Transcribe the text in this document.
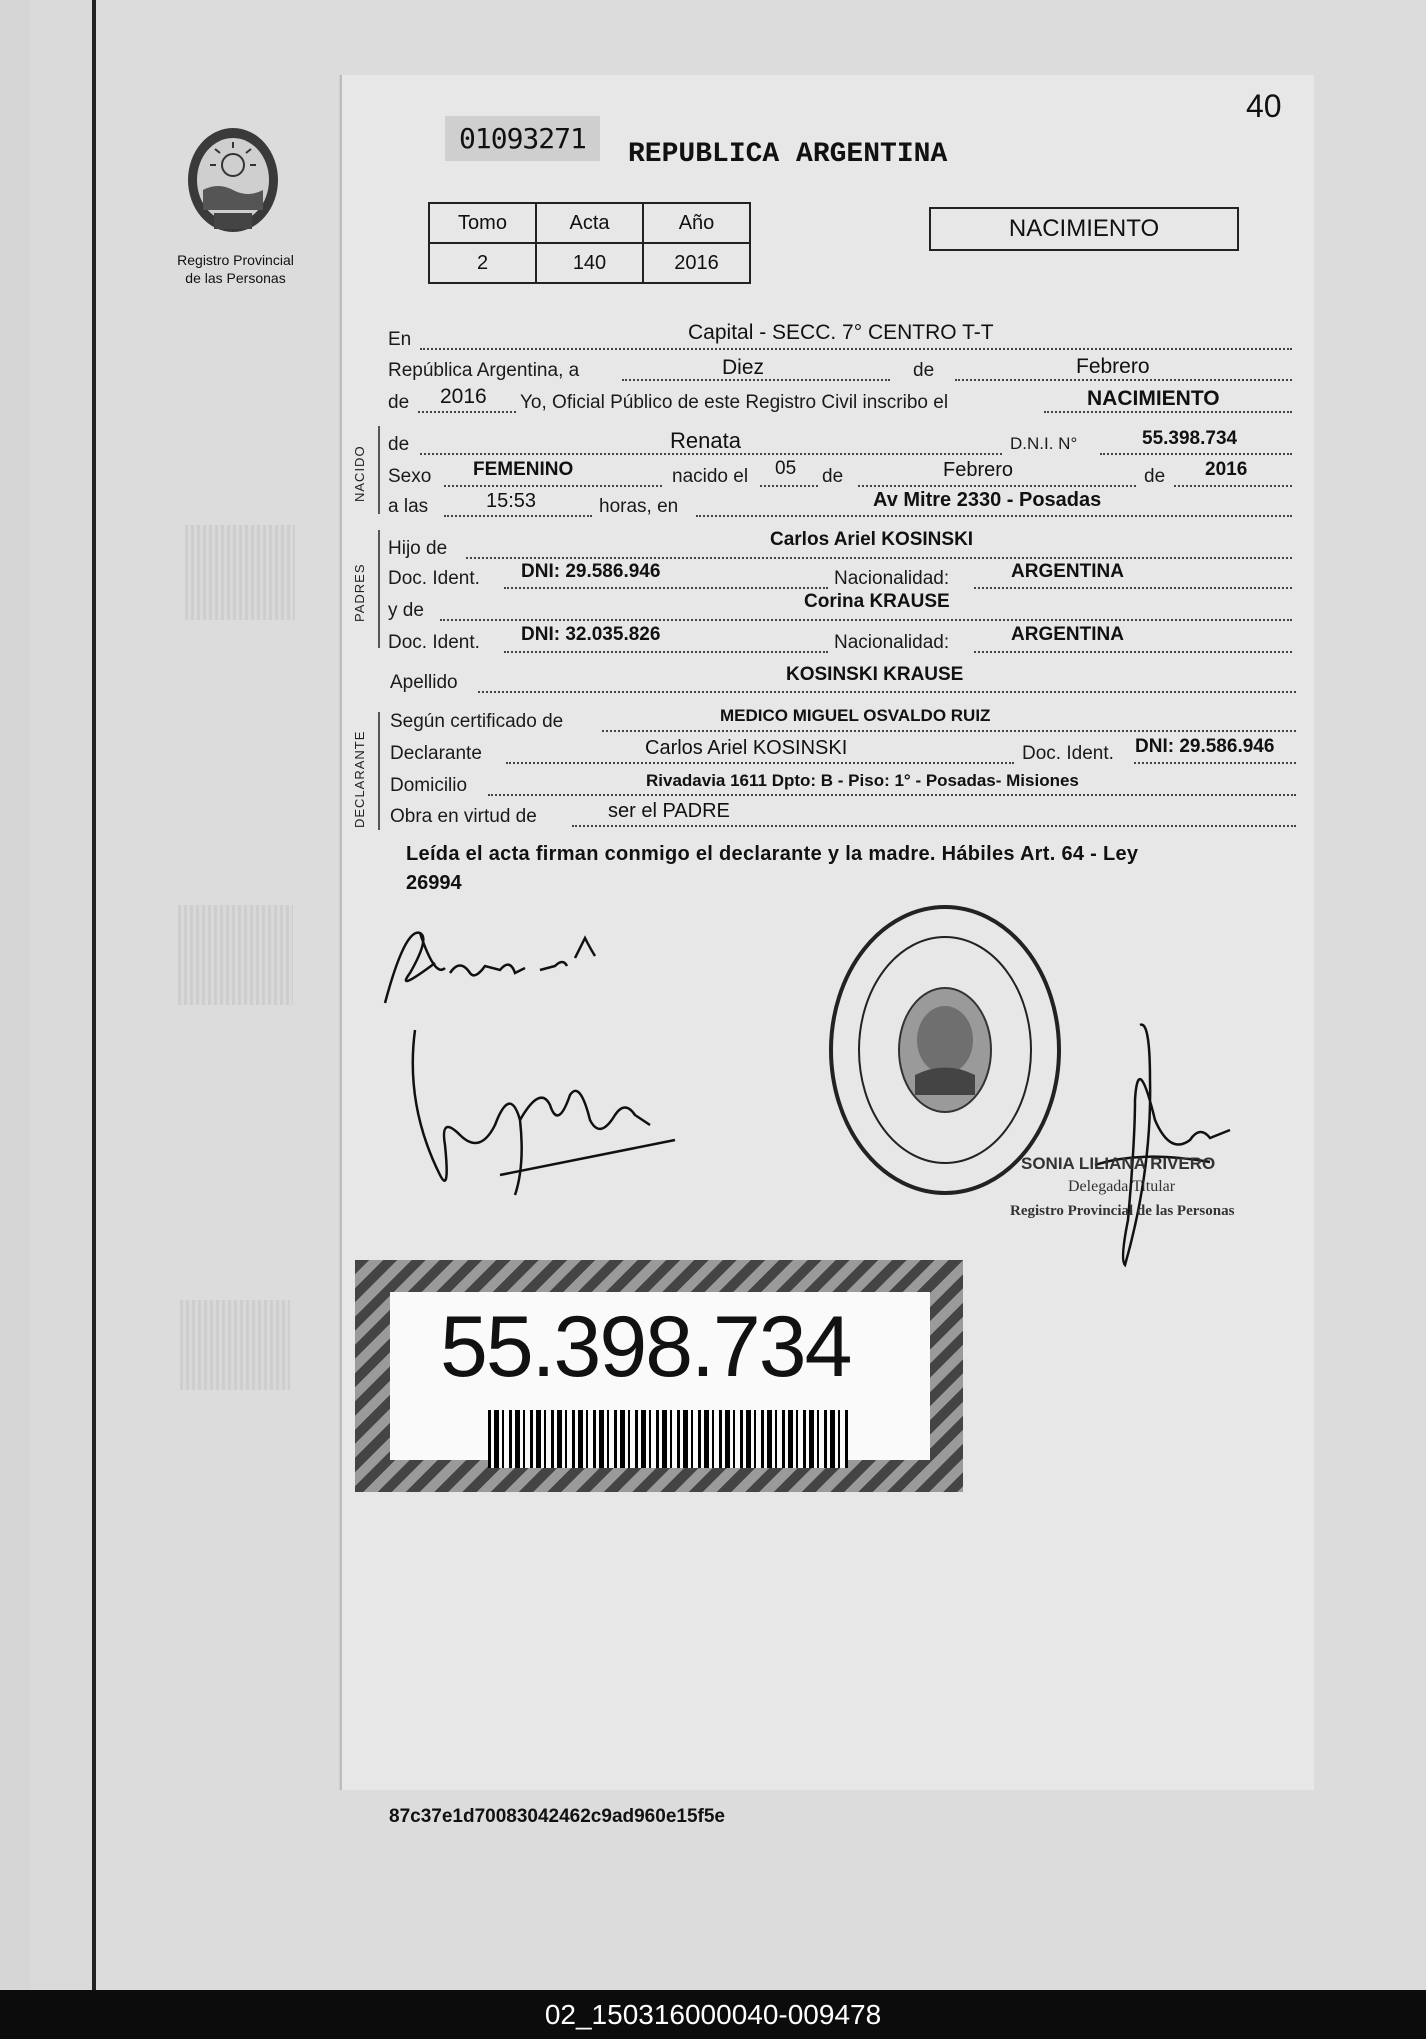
Registro Provincial
de las Personas
40
01093271	REPUBLICA ARGENTINA
Tomo	Acta	Año
2	140	2016
NACIMIENTO
En	Capital - SECC. 7° CENTRO T-T
República Argentina, a	Diez	de	Febrero
de 2016 Yo, Oficial Público de este Registro Civil inscribo el	NACIMIENTO
NACIDO
de	Renata	D.N.I. N°	55.398.734
Sexo FEMENINO	nacido el 05 de	Febrero	de 2016
a las	15:53	horas, en	Av Mitre 2330 - Posadas
PADRES
Hijo de	Carlos Ariel KOSINSKI
Doc. Ident. DNI: 29.586.946	Nacionalidad:	ARGENTINA
y de	Corina KRAUSE
Doc. Ident. DNI: 32.035.826	Nacionalidad:	ARGENTINA
Apellido	KOSINSKI KRAUSE
DECLARANTE
Según certificado de	MEDICO MIGUEL OSVALDO RUIZ
Declarante	Carlos Ariel KOSINSKI	Doc. Ident. DNI: 29.586.946
Domicilio	Rivadavia 1611 Dpto: B - Piso: 1° - Posadas- Misiones
Obra en virtud de	ser el PADRE
Leída el acta firman conmigo el declarante y la madre. Hábiles Art. 64 - Ley
26994
SONIA LILIANA RIVERO
Delegada Titular
Registro Provincial de las Personas
55.398.734
87c37e1d70083042462c9ad960e15f5e
02_150316000040-009478
